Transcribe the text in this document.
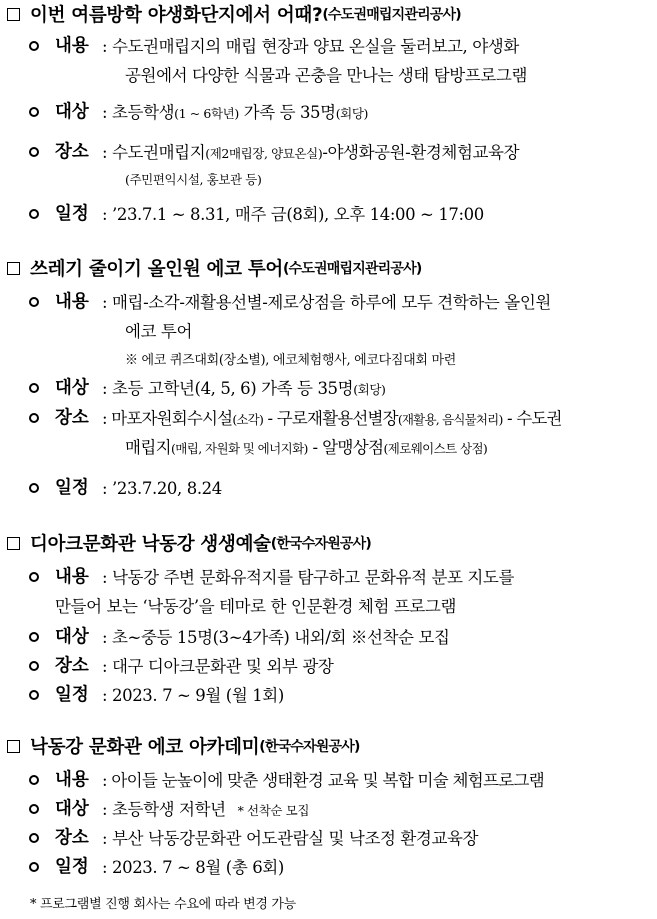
이번 여름방학 야생화단지에서 어때? (수도권매립지관리공사)
내용 : 수도권매립지의 매립 현장과 양묘 온실을 둘러보고, 야생화
공원에서 다양한 식물과 곤충을 만나는 생태 탐방프로그램
대상 : 초등학생(1 ~ 6학년) 가족 등 35명(회당)
장소 : 수도권매립지(제2매립장, 양묘온실)-야생화공원-환경체험교육장
(주민편익시설, 홍보관 등)
일정 : ’23.7.1 ~ 8.31, 매주 금(8회), 오후 14:00 ~ 17:00
쓰레기 줄이기 올인원 에코 투어 (수도권매립지관리공사)
내용 : 매립-소각-재활용선별-제로상점을 하루에 모두 견학하는 올인원
에코 투어
※ 에코 퀴즈대회(장소별), 에코체험행사, 에코다짐대회 마련
대상 : 초등 고학년(4, 5, 6) 가족 등 35명(회당)
장소 : 마포자원회수시설(소각) - 구로재활용선별장(재활용, 음식물처리) - 수도권
매립지(매립, 자원화 및 에너지화) - 알맹상점(제로웨이스트 상점)
일정 : ’23.7.20, 8.24
디아크문화관 낙동강 생생예술 (한국수자원공사)
내용 : 낙동강 주변 문화유적지를 탐구하고 문화유적 분포 지도를
만들어 보는 ‘낙동강’을 테마로 한 인문환경 체험 프로그램
대상 : 초~중등 15명(3~4가족) 내외/회 ※선착순 모집
장소 : 대구 디아크문화관 및 외부 광장
일정 : 2023. 7 ~ 9월 (월 1회)
낙동강 문화관 에코 아카데미 (한국수자원공사)
내용 : 아이들 눈높이에 맞춘 생태환경 교육 및 복합 미술 체험프로그램
대상 : 초등학생 저학년 * 선착순 모집
장소 : 부산 낙동강문화관 어도관람실 및 낙조정 환경교육장
일정 : 2023. 7 ~ 8월 (총 6회)
* 프로그램별 진행 회사는 수요에 따라 변경 가능
